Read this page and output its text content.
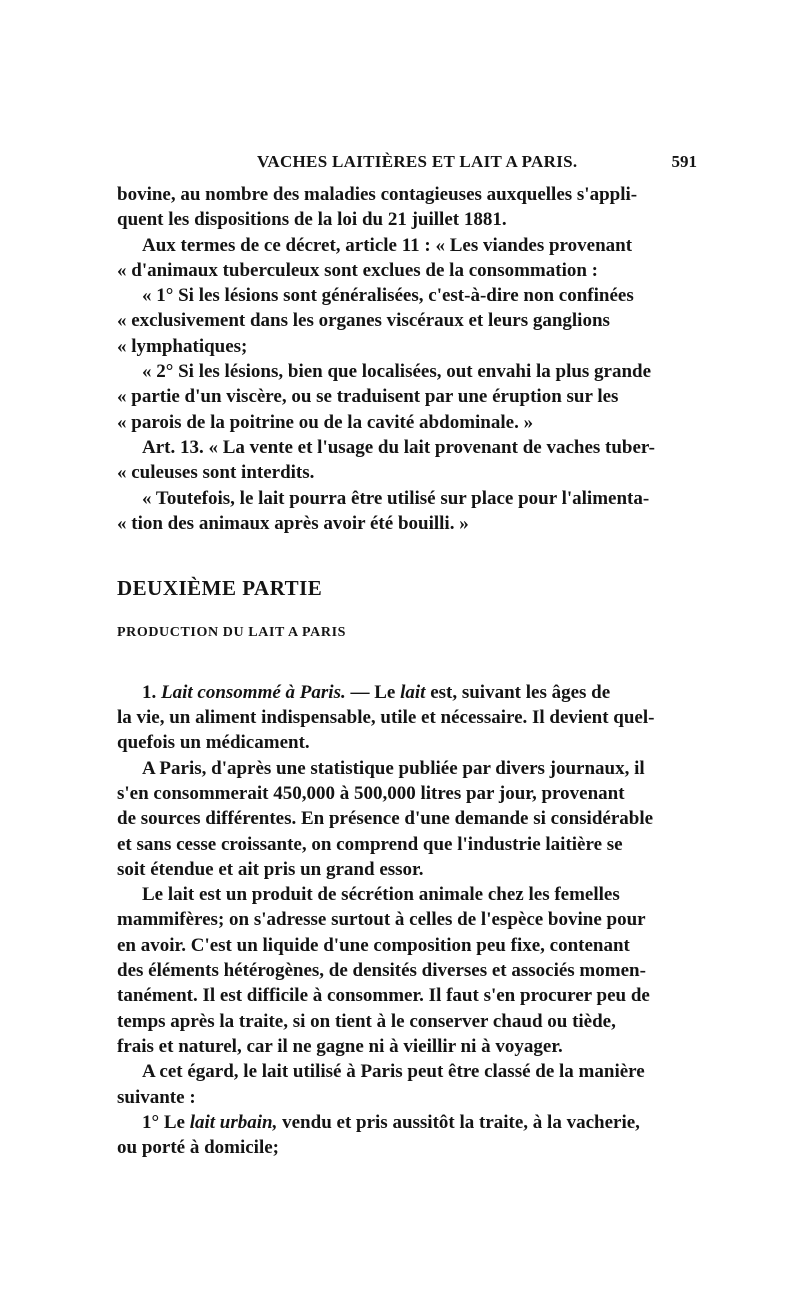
VACHES LAITIÈRES ET LAIT A PARIS.	591

bovine, au nombre des maladies contagieuses auxquelles s'appli-
quent les dispositions de la loi du 21 juillet 1881.

Aux termes de ce décret, article 11 : « Les viandes provenant
« d'animaux tuberculeux sont exclues de la consommation :

« 1° Si les lésions sont généralisées, c'est-à-dire non confinées
« exclusivement dans les organes viscéraux et leurs ganglions
« lymphatiques;

« 2° Si les lésions, bien que localisées, out envahi la plus grande
« partie d'un viscère, ou se traduisent par une éruption sur les
« parois de la poitrine ou de la cavité abdominale. »

Art. 13. « La vente et l'usage du lait provenant de vaches tuber-
« culeuses sont interdits.

« Toutefois, le lait pourra être utilisé sur place pour l'alimenta-
« tion des animaux après avoir été bouilli. »

DEUXIÈME PARTIE

PRODUCTION DU LAIT A PARIS

1. Lait consommé à Paris. — Le lait est, suivant les âges de
la vie, un aliment indispensable, utile et nécessaire. Il devient quel-
quefois un médicament.

A Paris, d'après une statistique publiée par divers journaux, il
s'en consommerait 450,000 à 500,000 litres par jour, provenant
de sources différentes. En présence d'une demande si considérable
et sans cesse croissante, on comprend que l'industrie laitière se
soit étendue et ait pris un grand essor.

Le lait est un produit de sécrétion animale chez les femelles
mammifères; on s'adresse surtout à celles de l'espèce bovine pour
en avoir. C'est un liquide d'une composition peu fixe, contenant
des éléments hétérogènes, de densités diverses et associés momen-
tanément. Il est difficile à consommer. Il faut s'en procurer peu de
temps après la traite, si on tient à le conserver chaud ou tiède,
frais et naturel, car il ne gagne ni à vieillir ni à voyager.

A cet égard, le lait utilisé à Paris peut être classé de la manière
suivante :

1° Le lait urbain, vendu et pris aussitôt la traite, à la vacherie,
ou porté à domicile;
